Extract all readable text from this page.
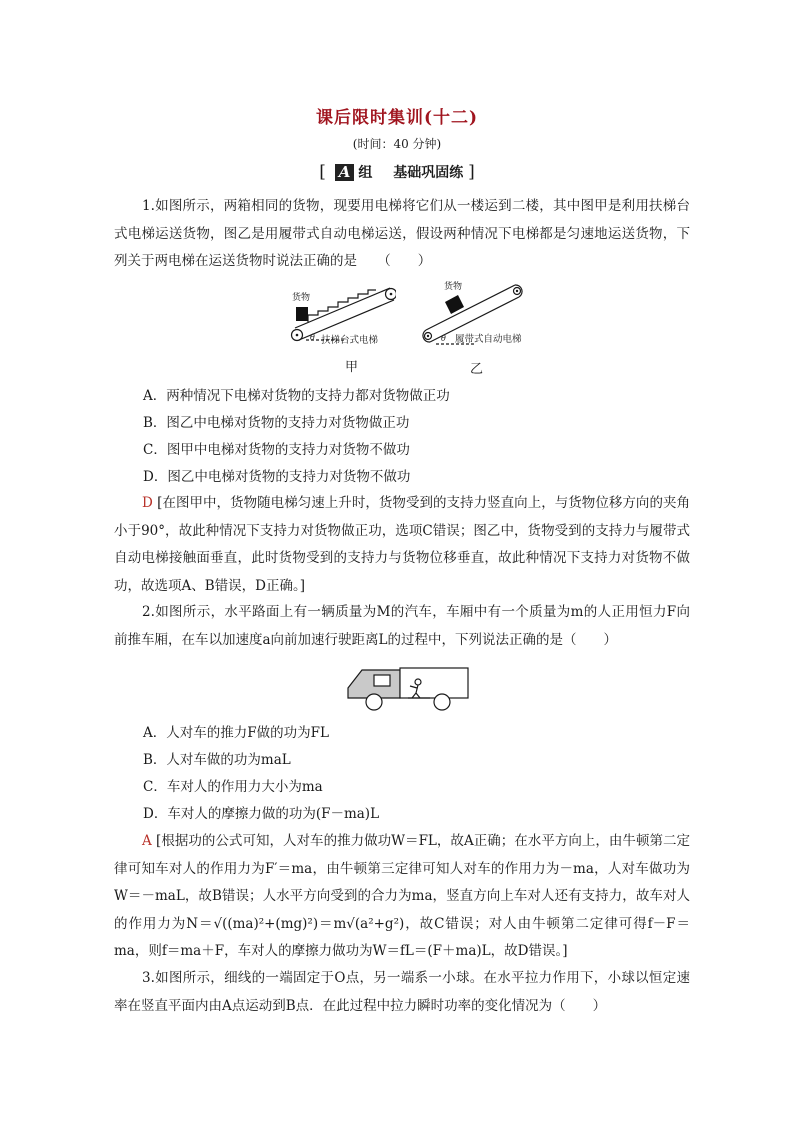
课后限时集训(十二)
(时间：40 分钟)
[ A 组 基础巩固练 ]

1.如图所示，两箱相同的货物，现要用电梯将它们从一楼运到二楼，其中图甲是利用扶梯台式电梯运送货物，图乙是用履带式自动电梯运送，假设两种情况下电梯都是匀速地运送货物，下列关于两电梯在运送货物时说法正确的是　　（　　）

货物
扶梯台式电梯
θ
甲
货物
履带式自动电梯
θ
乙
A．两种情况下电梯对货物的支持力都对货物做正功
B．图乙中电梯对货物的支持力对货物做正功
C．图甲中电梯对货物的支持力对货物不做功
D．图乙中电梯对货物的支持力对货物不做功

D [在图甲中，货物随电梯匀速上升时，货物受到的支持力竖直向上，与货物位移方向的夹角小于90°，故此种情况下支持力对货物做正功，选项C错误；图乙中，货物受到的支持力与履带式自动电梯接触面垂直，此时货物受到的支持力与货物位移垂直，故此种情况下支持力对货物不做功，故选项A、B错误，D正确。]

2.如图所示，水平路面上有一辆质量为M的汽车，车厢中有一个质量为m的人正用恒力F向前推车厢，在车以加速度a向前加速行驶距离L的过程中，下列说法正确的是（　　）

A．人对车的推力F做的功为FL
B．人对车做的功为maL
C．车对人的作用力大小为ma
D．车对人的摩擦力做的功为(F－ma)L

A [根据功的公式可知，人对车的推力做功W＝FL，故A正确；在水平方向上，由牛顿第二定律可知车对人的作用力为F′＝ma，由牛顿第三定律可知人对车的作用力为－ma，人对车做功为W＝－maL，故B错误；人水平方向受到的合力为ma，竖直方向上车对人还有支持力，故车对人的作用力为N＝√((ma)²+(mg)²)＝m√(a²+g²)，故C错误；对人由牛顿第二定律可得f－F＝ma，则f＝ma＋F，车对人的摩擦力做功为W＝fL＝(F＋ma)L，故D错误。]

3.如图所示，细线的一端固定于O点，另一端系一小球。在水平拉力作用下，小球以恒定速率在竖直平面内由A点运动到B点．在此过程中拉力瞬时功率的变化情况为（　　）
